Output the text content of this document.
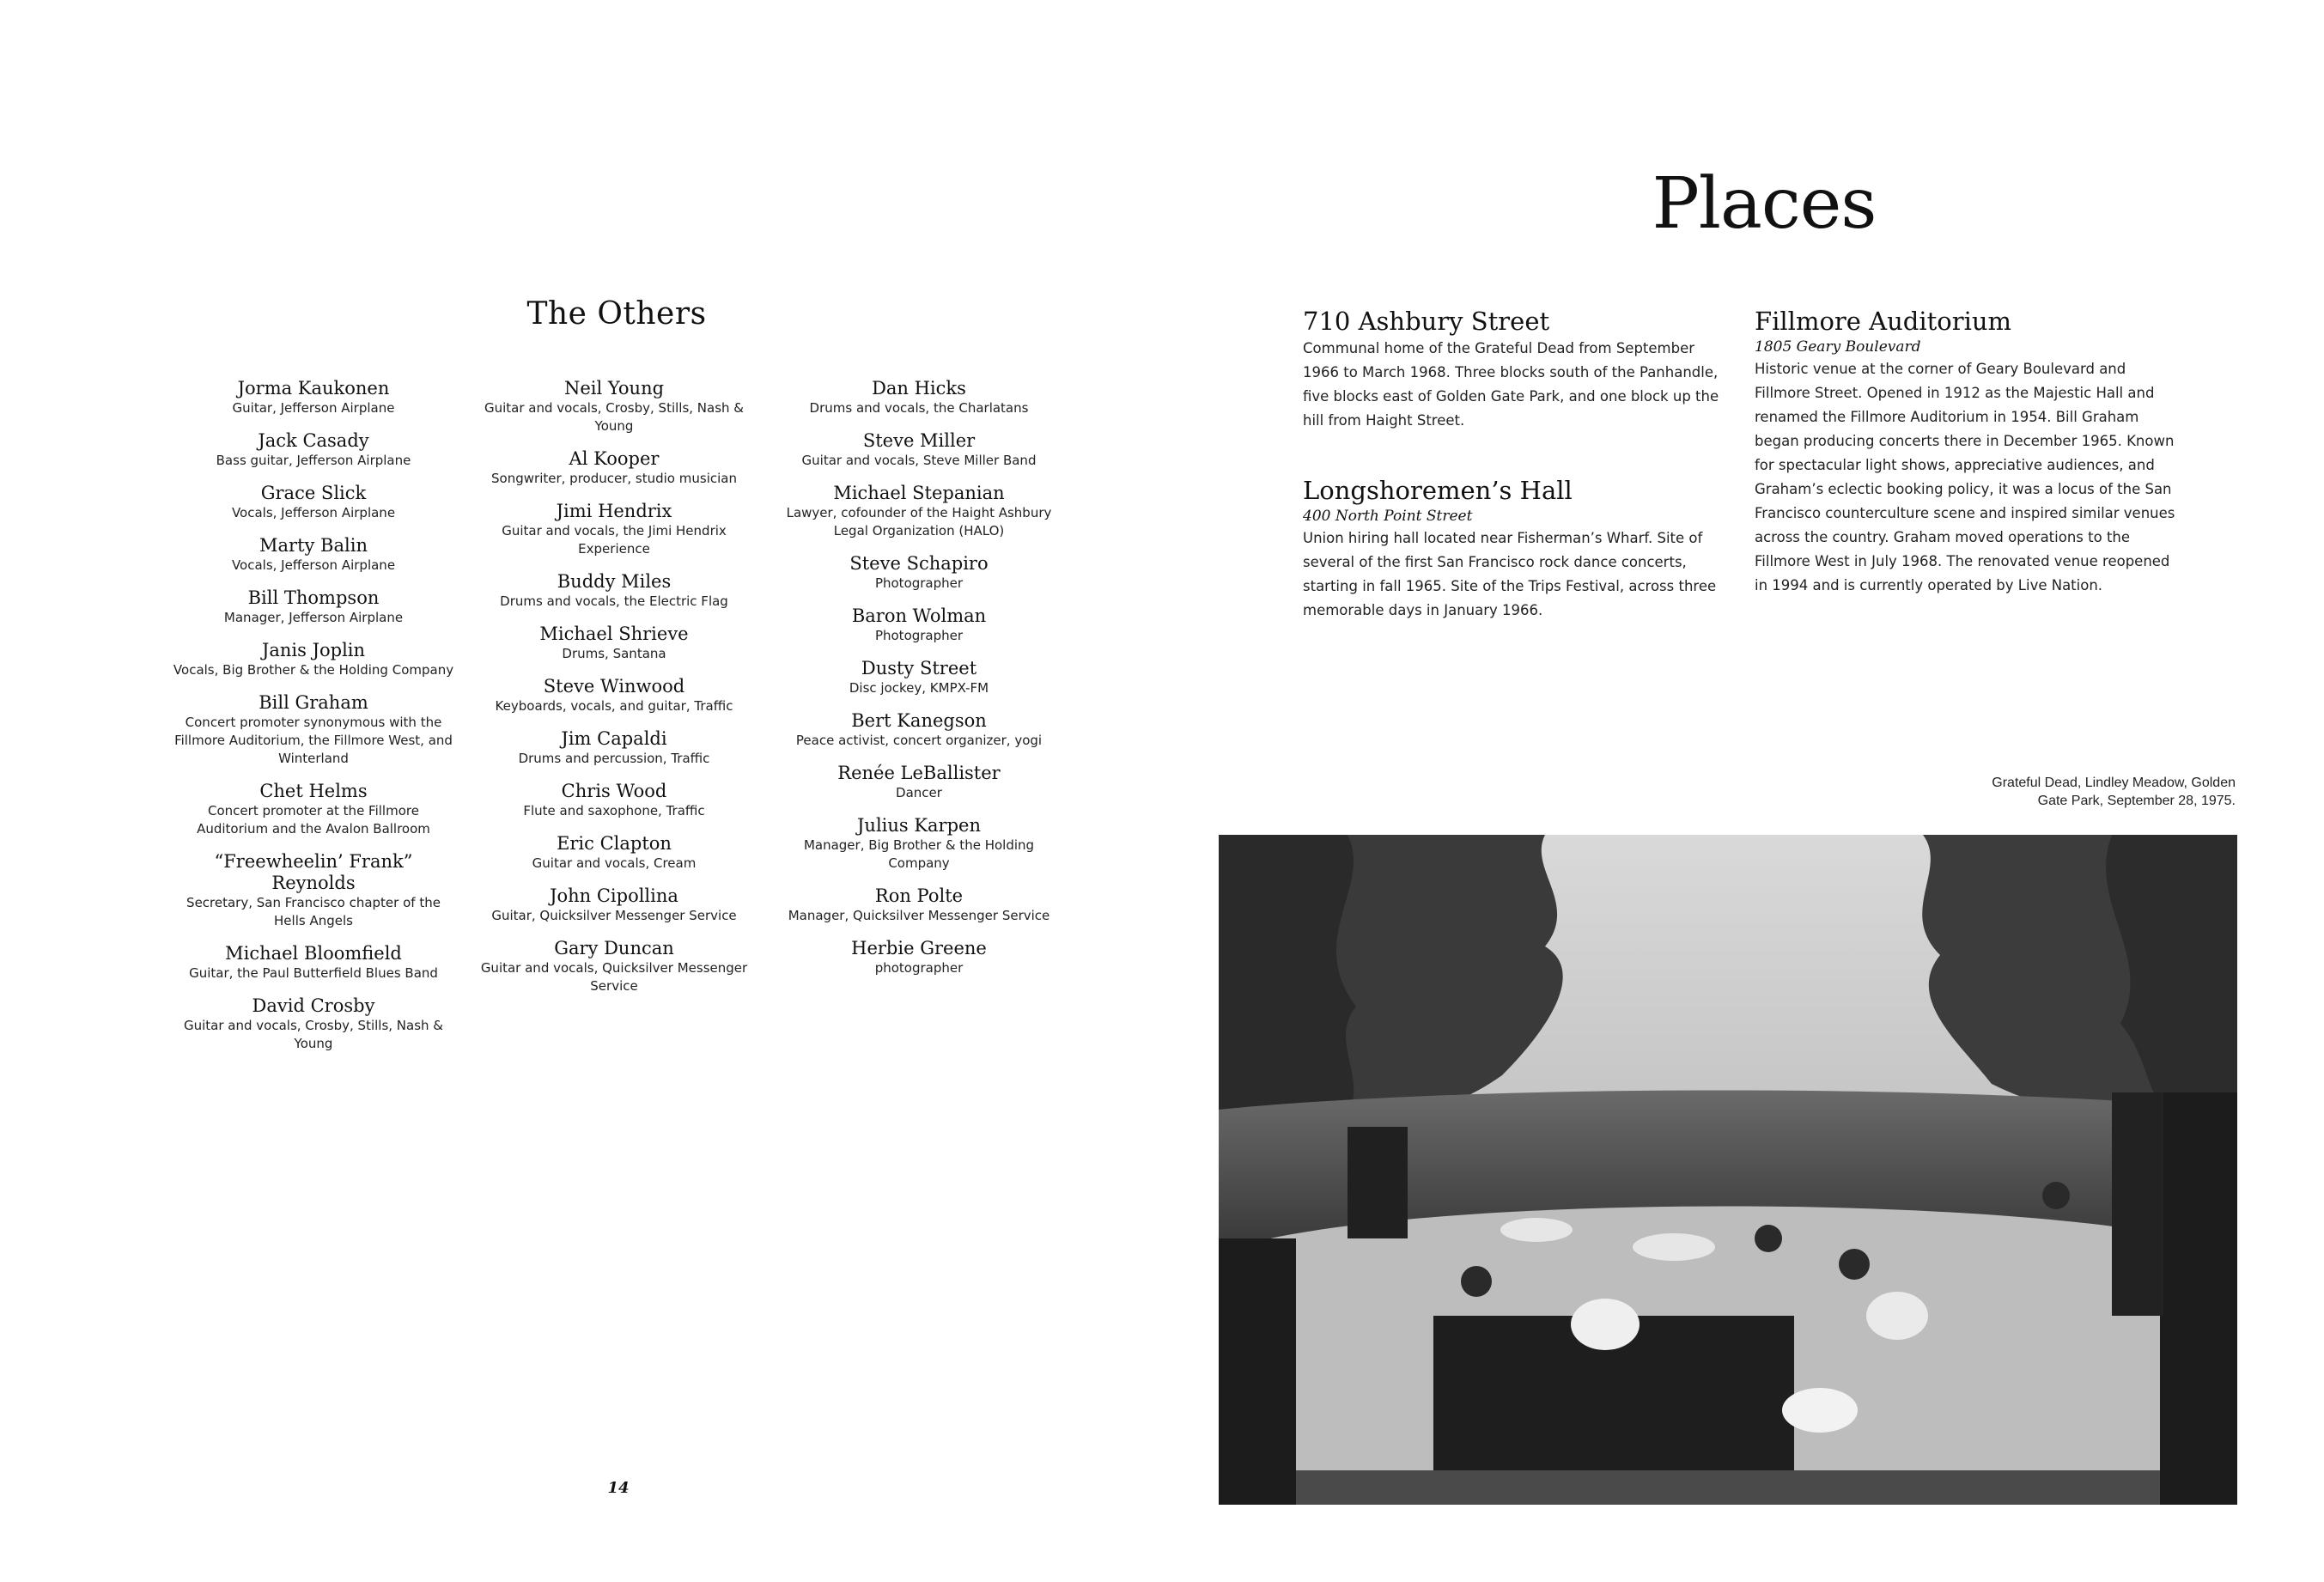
The Others
Jorma Kaukonen
Guitar, Jefferson Airplane
Jack Casady
Bass guitar, Jefferson Airplane
Grace Slick
Vocals, Jefferson Airplane
Marty Balin
Vocals, Jefferson Airplane
Bill Thompson
Manager, Jefferson Airplane
Janis Joplin
Vocals, Big Brother & the Holding Company
Bill Graham
Concert promoter synonymous with the Fillmore Auditorium, the Fillmore West, and Winterland
Chet Helms
Concert promoter at the Fillmore Auditorium and the Avalon Ballroom
“Freewheelin’ Frank” Reynolds
Secretary, San Francisco chapter of the Hells Angels
Michael Bloomfield
Guitar, the Paul Butterfield Blues Band
David Crosby
Guitar and vocals, Crosby, Stills, Nash & Young
Neil Young
Guitar and vocals, Crosby, Stills, Nash & Young
Al Kooper
Songwriter, producer, studio musician
Jimi Hendrix
Guitar and vocals, the Jimi Hendrix Experience
Buddy Miles
Drums and vocals, the Electric Flag
Michael Shrieve
Drums, Santana
Steve Winwood
Keyboards, vocals, and guitar, Traffic
Jim Capaldi
Drums and percussion, Traffic
Chris Wood
Flute and saxophone, Traffic
Eric Clapton
Guitar and vocals, Cream
John Cipollina
Guitar, Quicksilver Messenger Service
Gary Duncan
Guitar and vocals, Quicksilver Messenger Service
Dan Hicks
Drums and vocals, the Charlatans
Steve Miller
Guitar and vocals, Steve Miller Band
Michael Stepanian
Lawyer, cofounder of the Haight Ashbury Legal Organization (HALO)
Steve Schapiro
Photographer
Baron Wolman
Photographer
Dusty Street
Disc jockey, KMPX-FM
Bert Kanegson
Peace activist, concert organizer, yogi
Renée LeBallister
Dancer
Julius Karpen
Manager, Big Brother & the Holding Company
Ron Polte
Manager, Quicksilver Messenger Service
Herbie Greene
photographer
14
Places
710 Ashbury Street
Communal home of the Grateful Dead from September 1966 to March 1968. Three blocks south of the Panhandle, five blocks east of Golden Gate Park, and one block up the hill from Haight Street.
Longshoremen’s Hall
400 North Point Street
Union hiring hall located near Fisherman’s Wharf. Site of several of the first San Francisco rock dance concerts, starting in fall 1965. Site of the Trips Festival, across three memorable days in January 1966.
Fillmore Auditorium
1805 Geary Boulevard
Historic venue at the corner of Geary Boulevard and Fillmore Street. Opened in 1912 as the Majestic Hall and renamed the Fillmore Auditorium in 1954. Bill Graham began producing concerts there in December 1965. Known for spectacular light shows, appreciative audiences, and Graham’s eclectic booking policy, it was a locus of the San Francisco counterculture scene and inspired similar venues across the country. Graham moved operations to the Fillmore West in July 1968. The renovated venue reopened in 1994 and is currently operated by Live Nation.
Grateful Dead, Lindley Meadow, Golden Gate Park, September 28, 1975.
